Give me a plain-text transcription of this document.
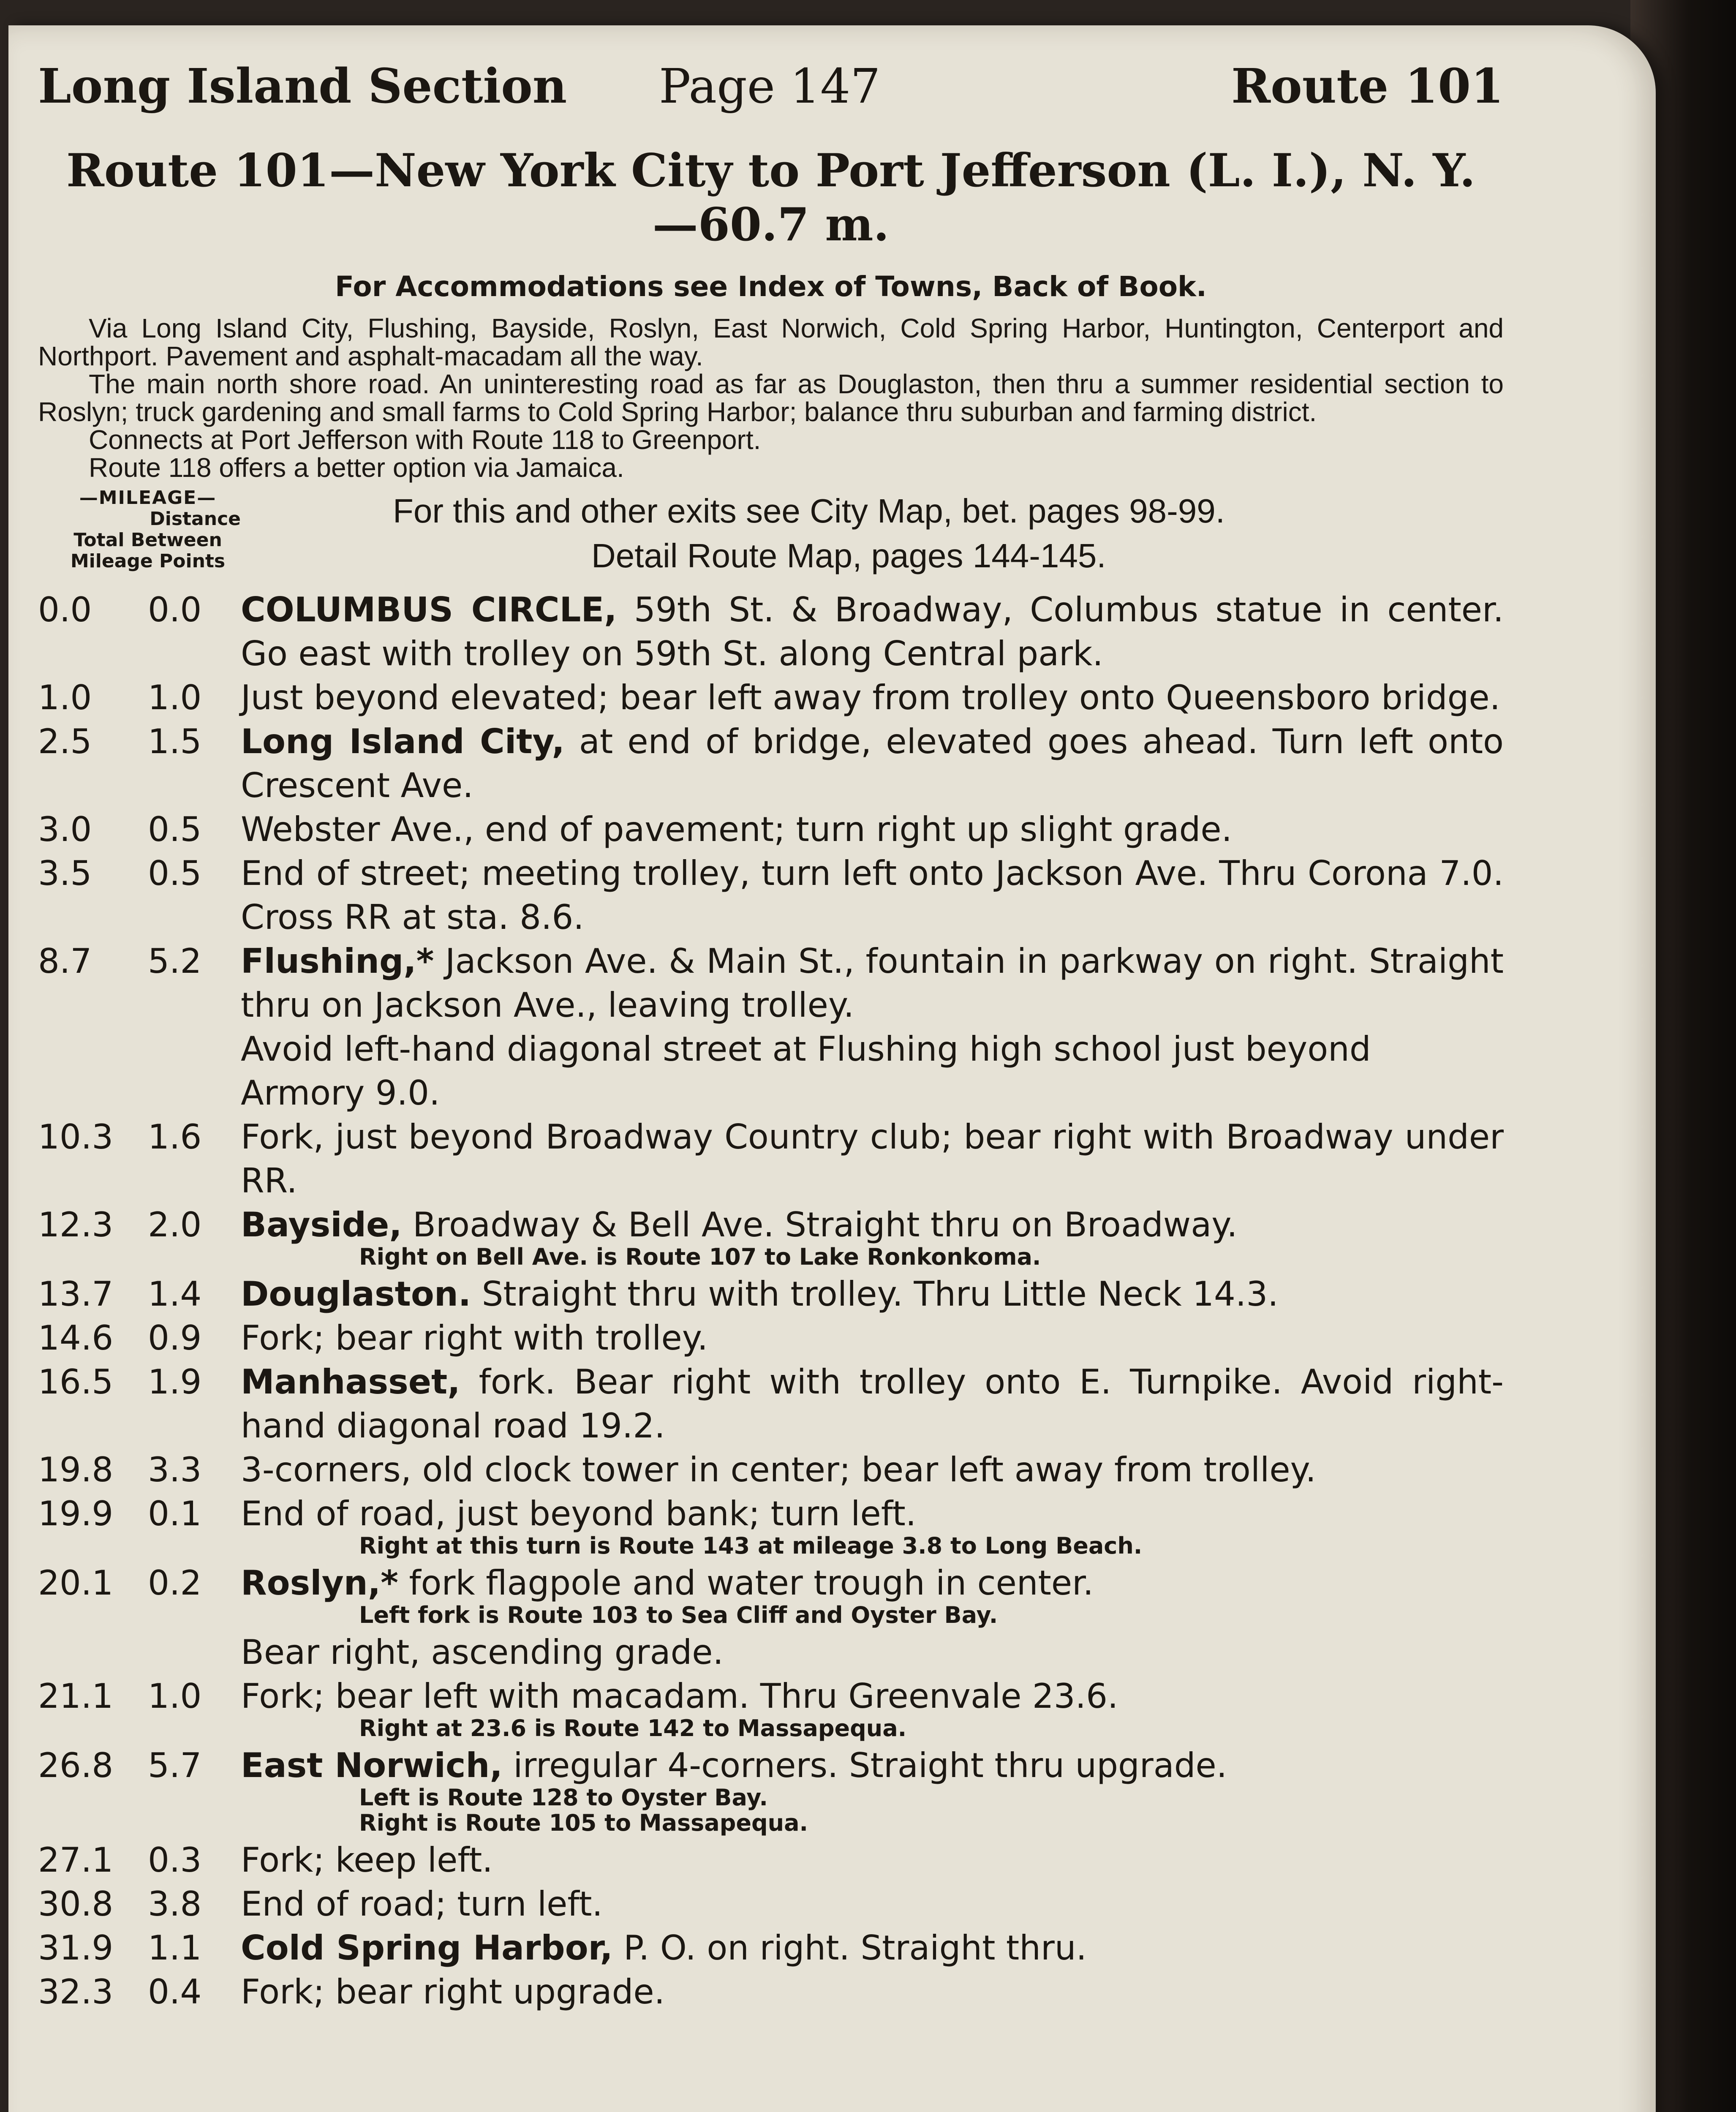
Long Island Section Page 147	Route 101
Route 101—New York City to Port Jefferson (L. I.), N. Y. —60.7 m.
For Accommodations see Index of Towns, Back of Book.

Via Long Island City, Flushing, Bayside, Roslyn, East Norwich, Cold Spring Harbor, Huntington, Centerport and Northport. Pavement and asphalt-macadam all the way.

The main north shore road. An uninteresting road as far as Douglaston, then thru a summer residential section to Roslyn; truck gardening and small farms to Cold Spring Harbor; balance thru suburban and farming district.

Connects at Port Jefferson with Route 118 to Greenport.

Route 118 offers a better option via Jamaica.

—MILEAGE—

Distance
Total Between
Mileage Points
For this and other exits see City Map, bet. pages 98-99.
Detail Route Map, pages 144-145.
0.0	0.0	COLUMBUS CIRCLE, 59th St. & Broadway, Columbus statue in center. Go east with trolley on 59th St. along Central park.
1.0	1.0	Just beyond elevated; bear left away from trolley onto Queensboro bridge.
2.5	1.5	Long Island City, at end of bridge, elevated goes ahead. Turn left onto Crescent Ave.
3.0	0.5	Webster Ave., end of pavement; turn right up slight grade.
3.5	0.5	End of street; meeting trolley, turn left onto Jackson Ave. Thru Corona 7.0. Cross RR at sta. 8.6.
8.7	5.2	Flushing,* Jackson Ave. & Main St., fountain in parkway on right. Straight thru on Jackson Ave., leaving trolley.
Avoid left-hand diagonal street at Flushing high school just beyond Armory 9.0.
10.3	1.6	Fork, just beyond Broadway Country club; bear right with Broadway under RR.
12.3	2.0	Bayside, Broadway & Bell Ave. Straight thru on Broadway.
Right on Bell Ave. is Route 107 to Lake Ronkonkoma.
13.7	1.4	Douglaston. Straight thru with trolley. Thru Little Neck 14.3.
14.6	0.9	Fork; bear right with trolley.
16.5	1.9	Manhasset, fork. Bear right with trolley onto E. Turnpike. Avoid right-hand diagonal road 19.2.
19.8	3.3	3-corners, old clock tower in center; bear left away from trolley.
19.9	0.1	End of road, just beyond bank; turn left.
Right at this turn is Route 143 at mileage 3.8 to Long Beach.
20.1	0.2	Roslyn,* fork flagpole and water trough in center.
Left fork is Route 103 to Sea Cliff and Oyster Bay.
Bear right, ascending grade.
21.1	1.0	Fork; bear left with macadam. Thru Greenvale 23.6.
Right at 23.6 is Route 142 to Massapequa.
26.8	5.7	East Norwich, irregular 4-corners. Straight thru upgrade.
Left is Route 128 to Oyster Bay.
Right is Route 105 to Massapequa.
27.1	0.3	Fork; keep left.
30.8	3.8	End of road; turn left.
31.9	1.1	Cold Spring Harbor, P. O. on right. Straight thru.
32.3	0.4	Fork; bear right upgrade.
